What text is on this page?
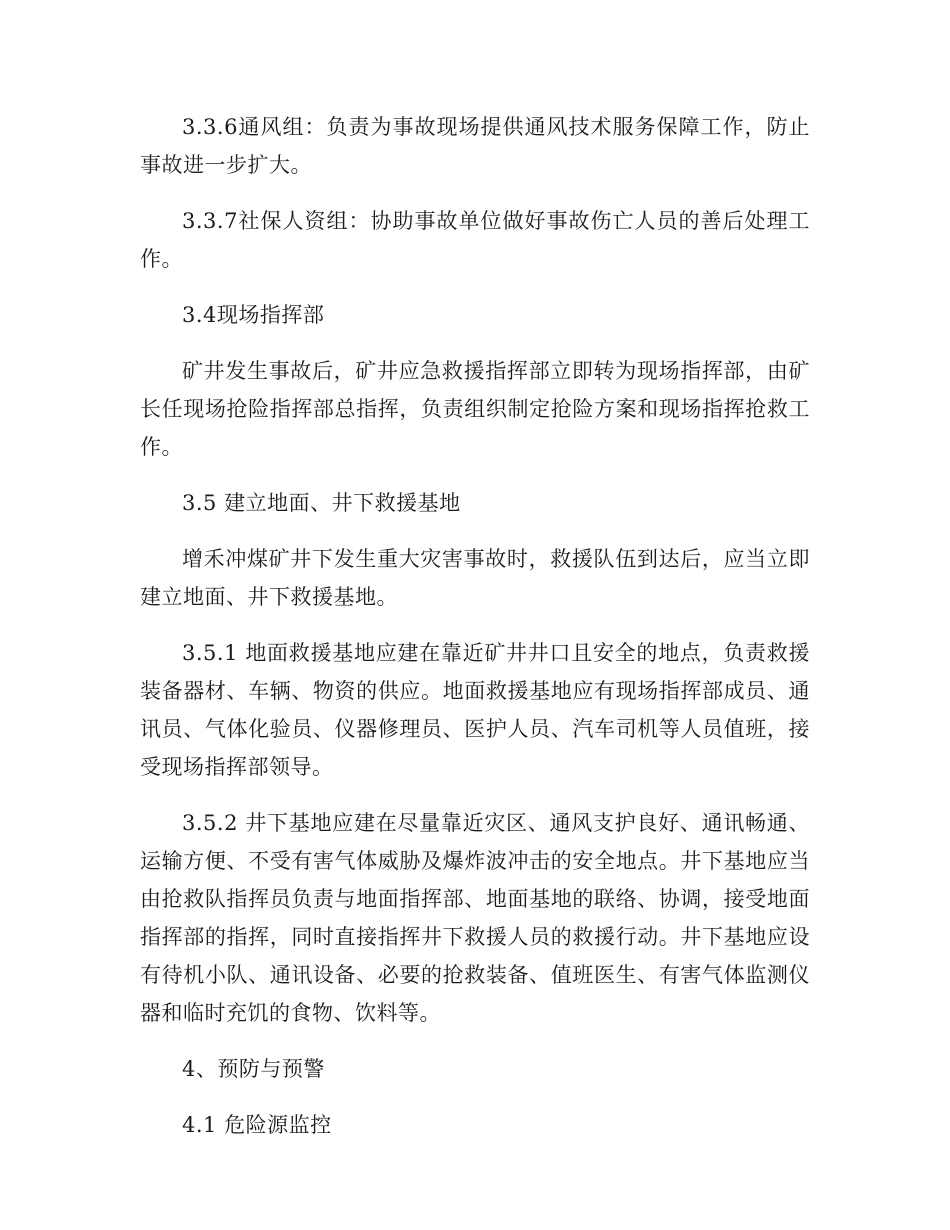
3.3.6通风组：负责为事故现场提供通风技术服务保障工作，防止事故进一步扩大。

3.3.7社保人资组：协助事故单位做好事故伤亡人员的善后处理工作。

3.4现场指挥部

矿井发生事故后，矿井应急救援指挥部立即转为现场指挥部，由矿长任现场抢险指挥部总指挥，负责组织制定抢险方案和现场指挥抢救工作。

3.5 建立地面、井下救援基地

增禾冲煤矿井下发生重大灾害事故时，救援队伍到达后，应当立即建立地面、井下救援基地。

3.5.1 地面救援基地应建在靠近矿井井口且安全的地点，负责救援装备器材、车辆、物资的供应。地面救援基地应有现场指挥部成员、通讯员、气体化验员、仪器修理员、医护人员、汽车司机等人员值班，接受现场指挥部领导。

3.5.2 井下基地应建在尽量靠近灾区、通风支护良好、通讯畅通、运输方便、不受有害气体威胁及爆炸波冲击的安全地点。井下基地应当由抢救队指挥员负责与地面指挥部、地面基地的联络、协调，接受地面指挥部的指挥，同时直接指挥井下救援人员的救援行动。井下基地应设有待机小队、通讯设备、必要的抢救装备、值班医生、有害气体监测仪器和临时充饥的食物、饮料等。

4、预防与预警

4.1 危险源监控
